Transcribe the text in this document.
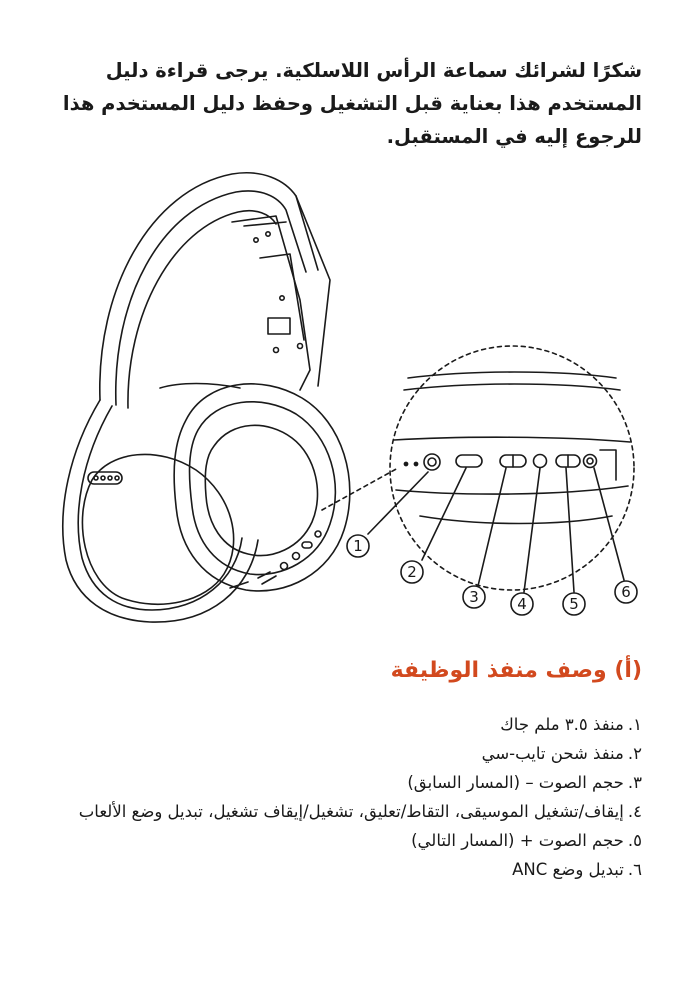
شكرًا لشرائك سماعة الرأس اللاسلكية. يرجى قراءة دليل المستخدم هذا بعناية قبل التشغيل وحفظ دليل المستخدم هذا للرجوع إليه في المستقبل.

1
2
3	4	5
6
(أ) وصف منفذ الوظيفة
١.منفذ ٣.٥ ملم جاك
٢.منفذ شحن تايب-سي
٣.حجم الصوت – (المسار السابق)
٤.إيقاف/تشغيل الموسيقى، التقاط/تعليق، تشغيل/إيقاف تشغيل، تبديل وضع الألعاب
٥.حجم الصوت + (المسار التالي)
٦.تبديل وضع ANC
